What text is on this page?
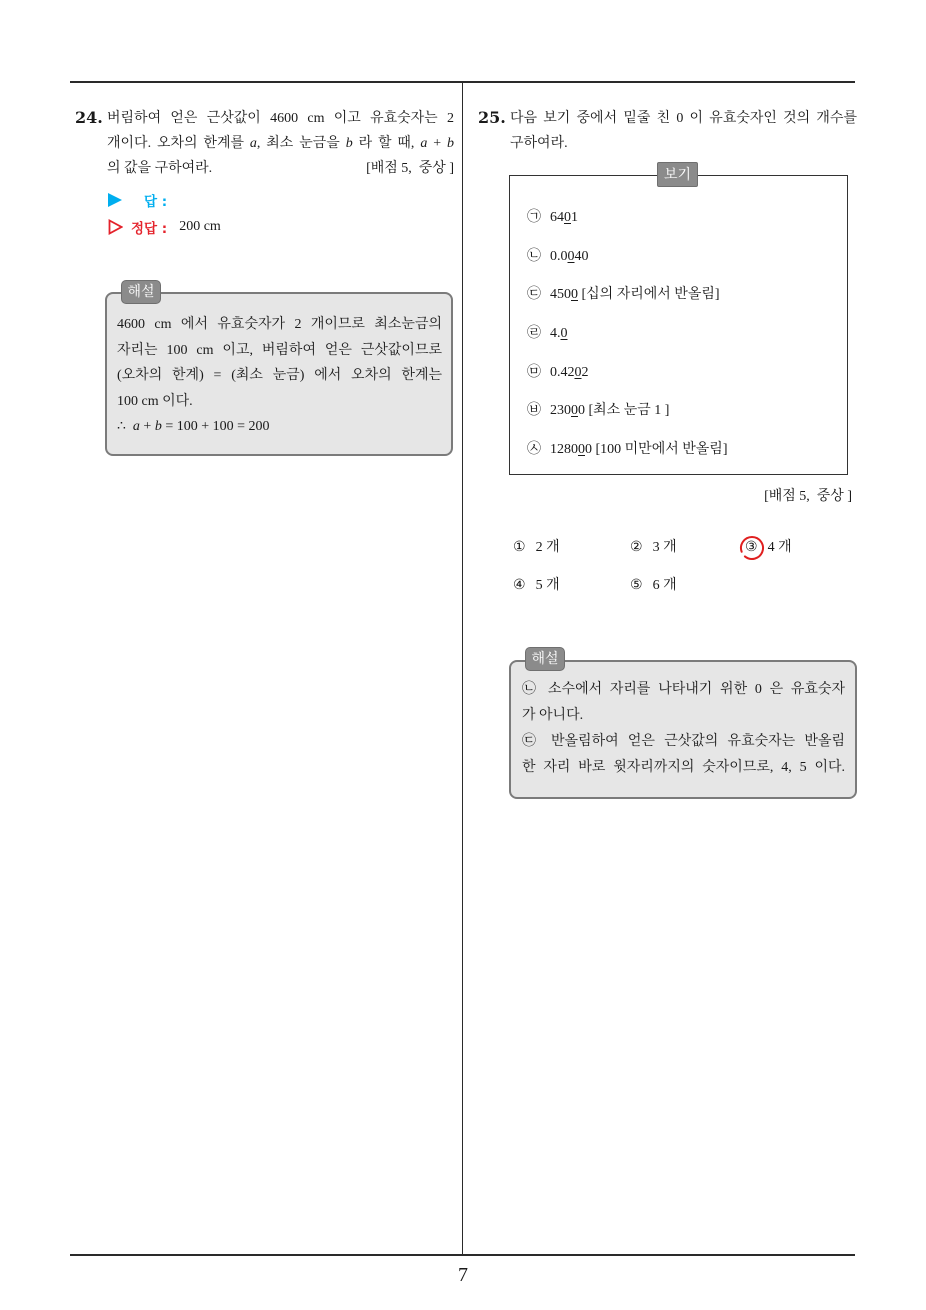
24. 버림하여 얻은 근삿값이 4600 cm 이고 유효숫자는 2
개이다. 오차의 한계를 a, 최소 눈금을 b 라 할 때, a + b
의 값을 구하여라.	[배점 5,  중상 ]
답 :
정답 : 200 cm
해설
4600 cm 에서 유효숫자가 2 개이므로 최소눈금의
자리는 100 cm 이고, 버림하여 얻은 근삿값이므로
(오차의 한계) = (최소 눈금) 에서 오차의 한계는
100 cm 이다.
∴ a + b = 100 + 100 = 200
25. 다음 보기 중에서 밑줄 친 0 이 유효숫자인 것의 개수를
구하여라.
㉠ 6401
㉡ 0.0040
㉢ 4500 [십의 자리에서 반올림]
㉣ 4.0
㉤ 0.4202
㉥ 23000 [최소 눈금 1 ]
㉦ 128000 [100 미만에서 반올림]
보기
[배점 5,  중상 ]
① 2 개	② 3 개	③ 4 개
④ 5 개	⑤ 6 개
해설
㉡ 소수에서 자리를 나타내기 위한 0 은 유효숫자
가 아니다.
㉢ 반올림하여 얻은 근삿값의 유효숫자는 반올림
한 자리 바로 윗자리까지의 숫자이므로, 4, 5 이다.
7
